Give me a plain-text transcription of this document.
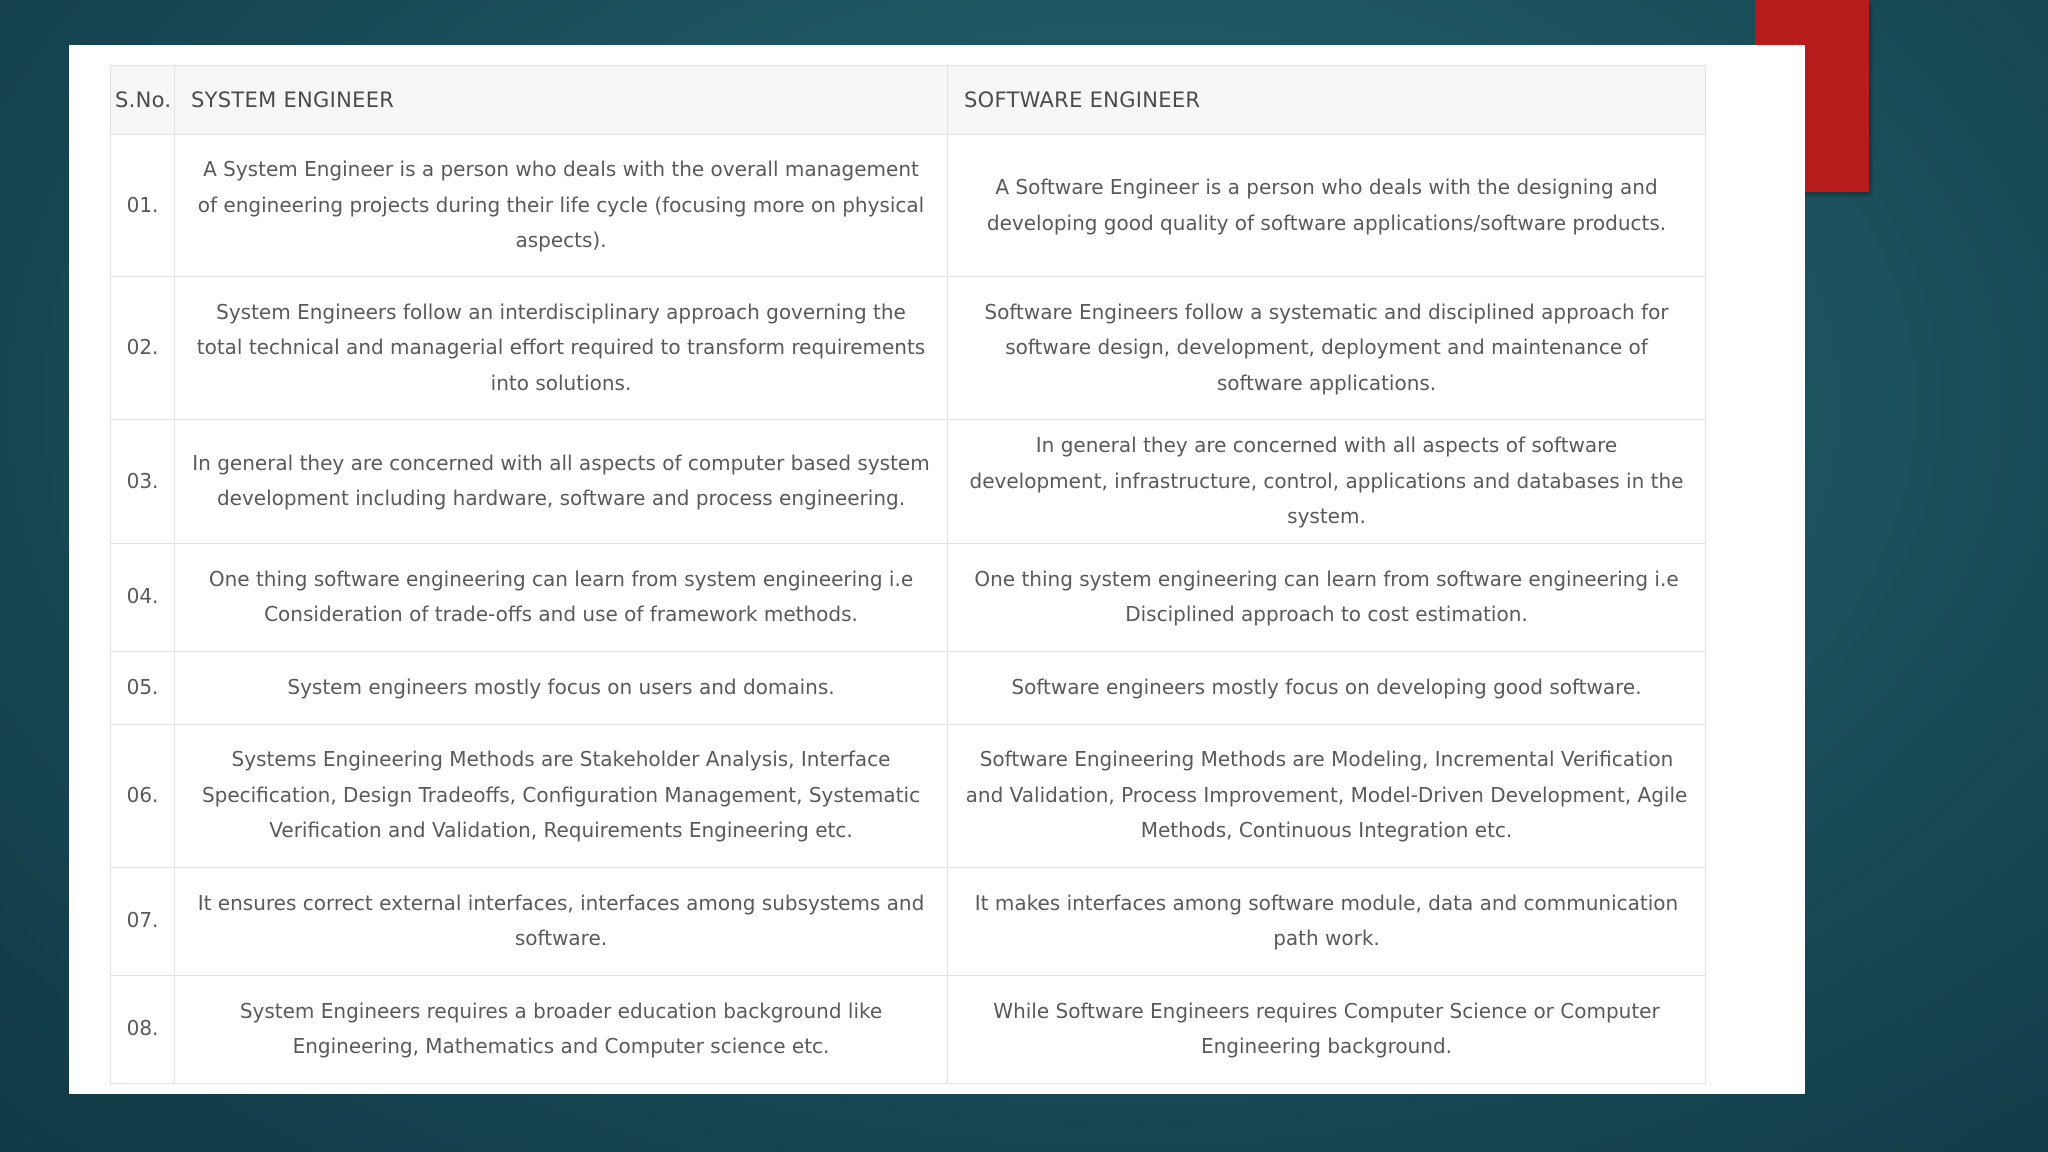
S.No.	SYSTEM ENGINEER	SOFTWARE ENGINEER
01.	A System Engineer is a person who deals with the overall management of engineering projects during their life cycle (focusing more on physical aspects).	A Software Engineer is a person who deals with the designing and developing good quality of software applications/software products.
02.	System Engineers follow an interdisciplinary approach governing the total technical and managerial effort required to transform requirements into solutions.	Software Engineers follow a systematic and disciplined approach for software design, development, deployment and maintenance of software applications.
03.	In general they are concerned with all aspects of computer based system development including hardware, software and process engineering.	In general they are concerned with all aspects of software development, infrastructure, control, applications and databases in the system.
04.	One thing software engineering can learn from system engineering i.e Consideration of trade-offs and use of framework methods.	One thing system engineering can learn from software engineering i.e Disciplined approach to cost estimation.
05.	System engineers mostly focus on users and domains.	Software engineers mostly focus on developing good software.
06.	Systems Engineering Methods are Stakeholder Analysis, Interface Specification, Design Tradeoffs, Configuration Management, Systematic Verification and Validation, Requirements Engineering etc.	Software Engineering Methods are Modeling, Incremental Verification and Validation, Process Improvement, Model-Driven Development, Agile Methods, Continuous Integration etc.
07.	It ensures correct external interfaces, interfaces among subsystems and software.	It makes interfaces among software module, data and communication path work.
08.	System Engineers requires a broader education background like Engineering, Mathematics and Computer science etc.	While Software Engineers requires Computer Science or Computer Engineering background.
